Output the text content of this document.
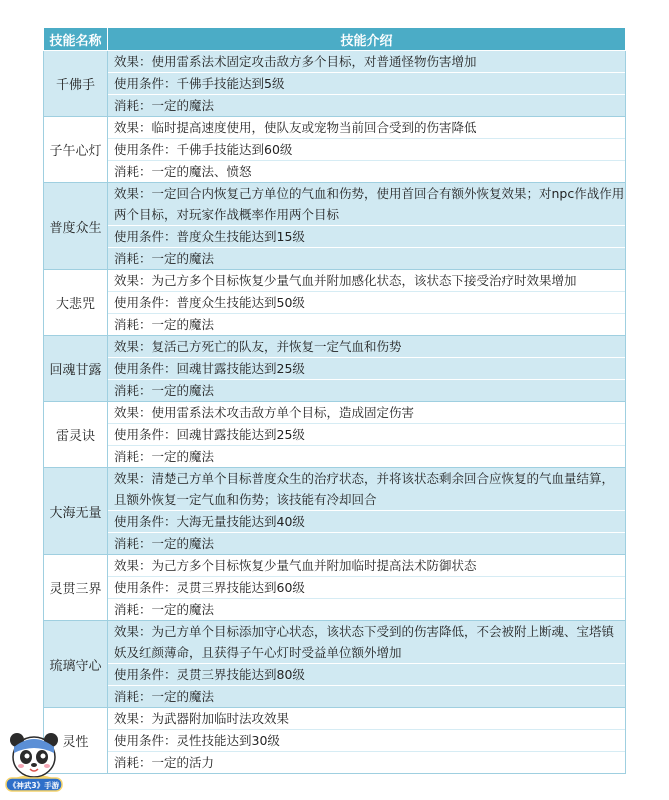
技能名称	技能介绍
千佛手	效果：使用雷系法术固定攻击敌方多个目标，对普通怪物伤害增加
使用条件：千佛手技能达到5级
消耗：一定的魔法

子午心灯	效果：临时提高速度使用，使队友或宠物当前回合受到的伤害降低
使用条件：千佛手技能达到60级
消耗：一定的魔法、愤怒

普度众生	效果：一定回合内恢复己方单位的气血和伤势，使用首回合有额外恢复效果；对npc作战作用两个目标，对玩家作战概率作用两个目标
使用条件：普度众生技能达到15级
消耗：一定的魔法

大悲咒	效果：为己方多个目标恢复少量气血并附加感化状态，该状态下接受治疗时效果增加
使用条件：普度众生技能达到50级
消耗：一定的魔法

回魂甘露	效果：复活己方死亡的队友，并恢复一定气血和伤势
使用条件：回魂甘露技能达到25级
消耗：一定的魔法

雷灵诀	效果：使用雷系法术攻击敌方单个目标，造成固定伤害
使用条件：回魂甘露技能达到25级
消耗：一定的魔法

大海无量	效果：清楚己方单个目标普度众生的治疗状态，并将该状态剩余回合应恢复的气血量结算，且额外恢复一定气血和伤势；该技能有冷却回合
使用条件：大海无量技能达到40级
消耗：一定的魔法

灵贯三界	效果：为己方多个目标恢复少量气血并附加临时提高法术防御状态
使用条件：灵贯三界技能达到60级
消耗：一定的魔法

琉璃守心	效果：为己方单个目标添加守心状态，该状态下受到的伤害降低，不会被附上断魂、宝塔镇妖及红颜薄命，且获得子午心灯时受益单位额外增加
使用条件：灵贯三界技能达到80级
消耗：一定的魔法

灵性	效果：为武器附加临时法攻效果
使用条件：灵性技能达到30级
消耗：一定的活力
《神武3》手游
